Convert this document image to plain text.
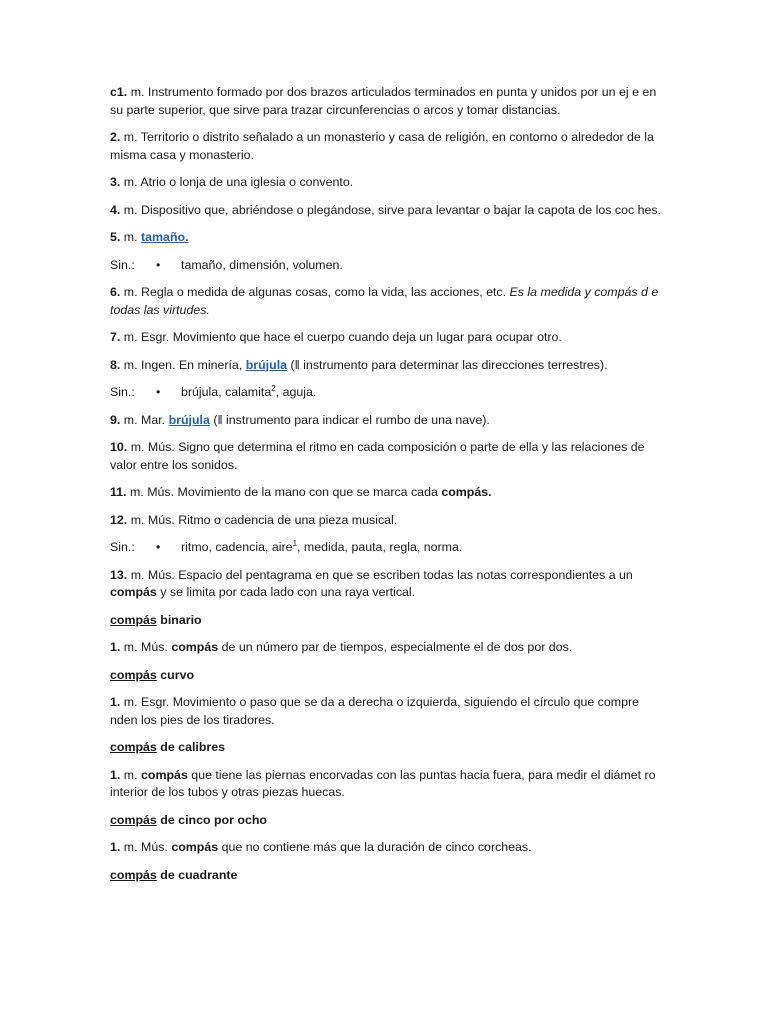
c1. m. Instrumento formado por dos brazos articulados terminados en punta y unidos por un ej e en su parte superior, que sirve para trazar circunferencias o arcos y tomar distancias.

2. m. Territorio o distrito señalado a un monasterio y casa de religión, en contorno o alrededor de la misma casa y monasterio.

3. m. Atrio o lonja de una iglesia o convento.

4. m. Dispositivo que, abriéndose o plegándose, sirve para levantar o bajar la capota de los coc hes.

5. m. tamaño.

Sin.:	•	tamaño, dimensión, volumen.

6. m. Regla o medida de algunas cosas, como la vida, las acciones, etc. Es la medida y compás d e todas las virtudes.

7. m. Esgr. Movimiento que hace el cuerpo cuando deja un lugar para ocupar otro.

8. m. Ingen. En minería, brújula (‖ instrumento para determinar las direcciones terrestres).

Sin.:	•	brújula, calamita$^2$, aguja.

9. m. Mar. brújula (‖ instrumento para indicar el rumbo de una nave).

10. m. Mús. Signo que determina el ritmo en cada composición o parte de ella y las relaciones de valor entre los sonidos.

11. m. Mús. Movimiento de la mano con que se marca cada compás.

12. m. Mús. Ritmo o cadencia de una pieza musical.

Sin.:	•	ritmo, cadencia, aire$^1$, medida, pauta, regla, norma.

13. m. Mús. Espacio del pentagrama en que se escriben todas las notas correspondientes a un compás y se limita por cada lado con una raya vertical.

compás binario

1. m. Mús. compás de un número par de tiempos, especialmente el de dos por dos.

compás curvo

1. m. Esgr. Movimiento o paso que se da a derecha o izquierda, siguiendo el círculo que compre nden los pies de los tiradores.

compás de calibres

1. m. compás que tiene las piernas encorvadas con las puntas hacia fuera, para medir el diámet ro interior de los tubos y otras piezas huecas.

compás de cinco por ocho

1. m. Mús. compás que no contiene más que la duración de cinco corcheas.

compás de cuadrante
